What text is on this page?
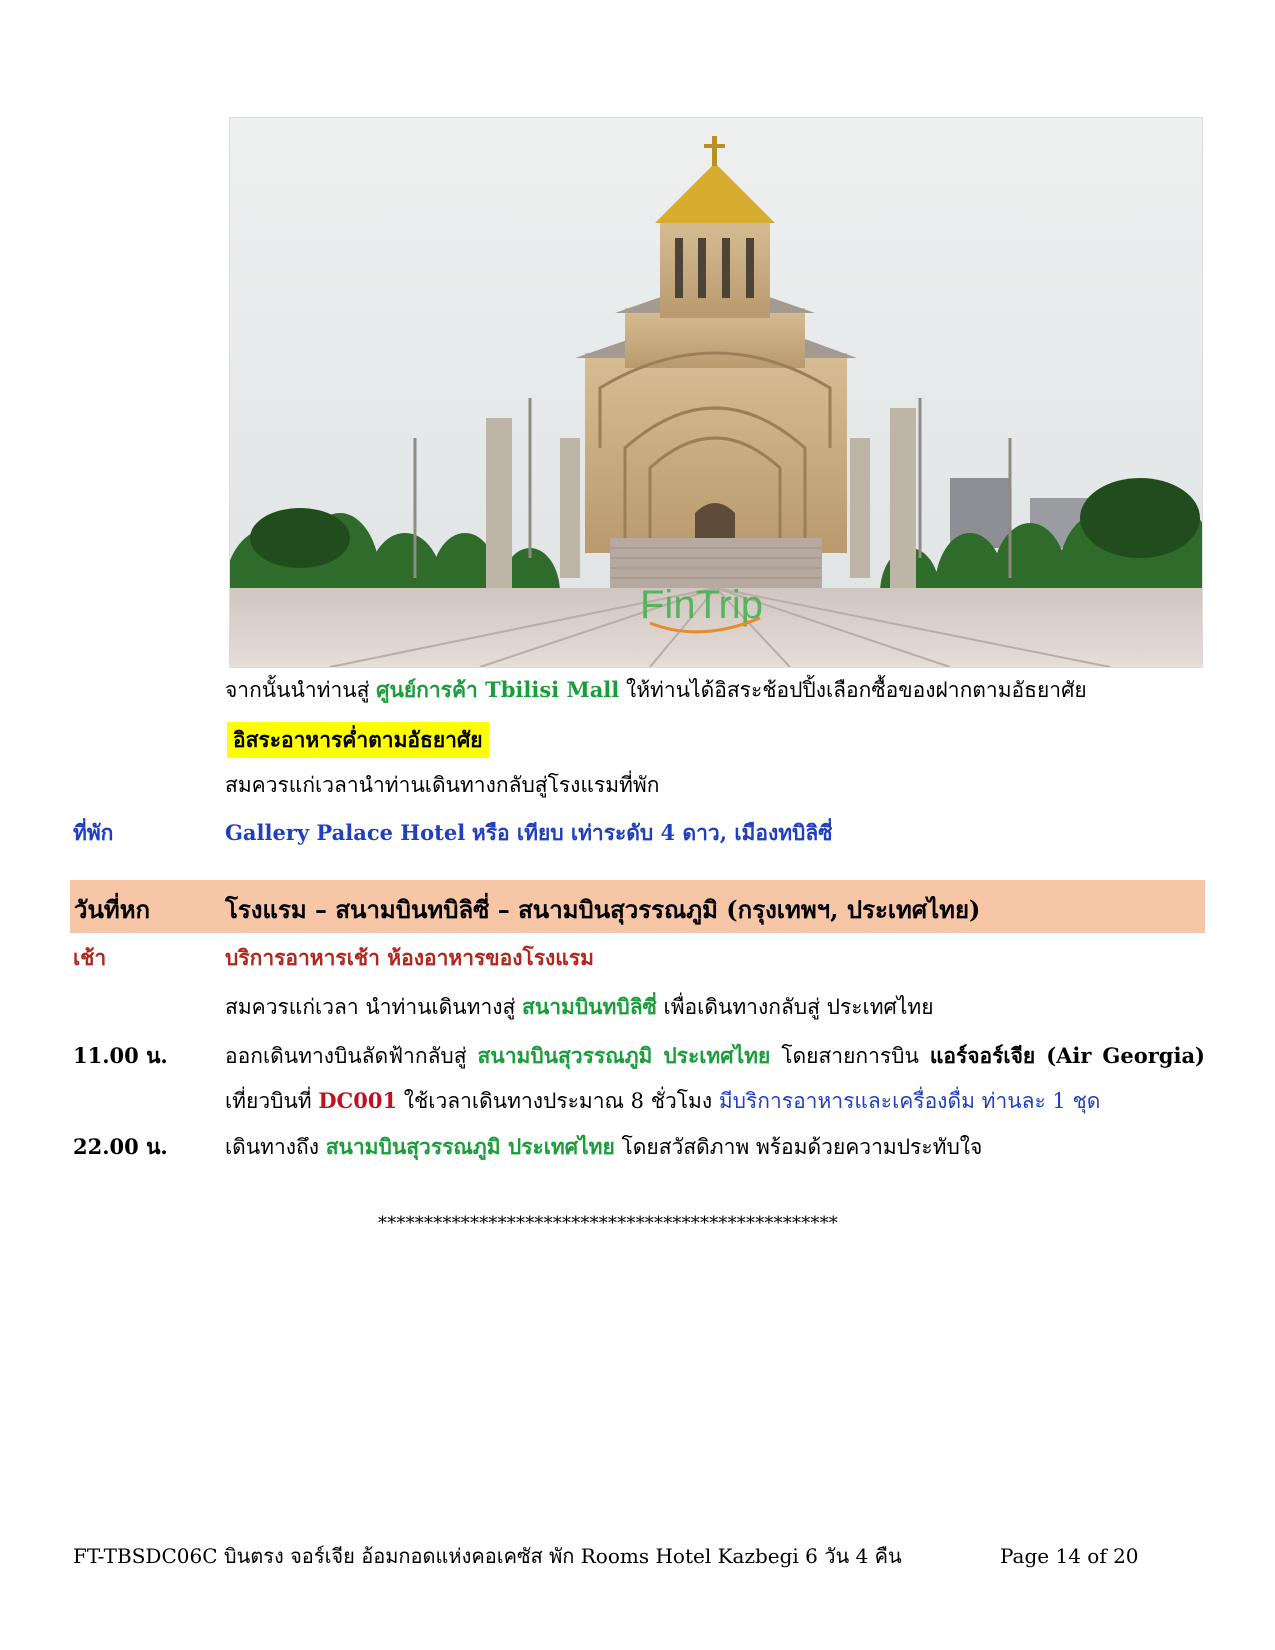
FinTrip
จากนั้นนำท่านสู่ ศูนย์การค้า Tbilisi Mall ให้ท่านได้อิสระช้อปปิ้งเลือกซื้อของฝากตามอัธยาศัย
อิสระอาหารค่ำตามอัธยาศัย
สมควรแก่เวลานำท่านเดินทางกลับสู่โรงแรมที่พัก
ที่พัก	Gallery Palace Hotel หรือ เทียบ เท่าระดับ 4 ดาว, เมืองทบิลิซี่
วันที่หก	โรงแรม – สนามบินทบิลิซี่ – สนามบินสุวรรณภูมิ (กรุงเทพฯ, ประเทศไทย)
เช้า	บริการอาหารเช้า ห้องอาหารของโรงแรม
สมควรแก่เวลา นำท่านเดินทางสู่ สนามบินทบิลิซี่ เพื่อเดินทางกลับสู่ ประเทศไทย
11.00 น.	ออกเดินทางบินลัดฟ้ากลับสู่ สนามบินสุวรรณภูมิ ประเทศไทย โดยสายการบิน แอร์จอร์เจีย (Air Georgia)
เที่ยวบินที่ DC001 ใช้เวลาเดินทางประมาณ 8 ชั่วโมง มีบริการอาหารและเครื่องดื่ม ท่านละ 1 ชุด
22.00 น.	เดินทางถึง สนามบินสุวรรณภูมิ ประเทศไทย โดยสวัสดิภาพ พร้อมด้วยความประทับใจ
**************************************************
FT-TBSDC06C บินตรง จอร์เจีย อ้อมกอดแห่งคอเคซัส พัก Rooms Hotel Kazbegi 6 วัน 4 คืน	Page 14 of 20
